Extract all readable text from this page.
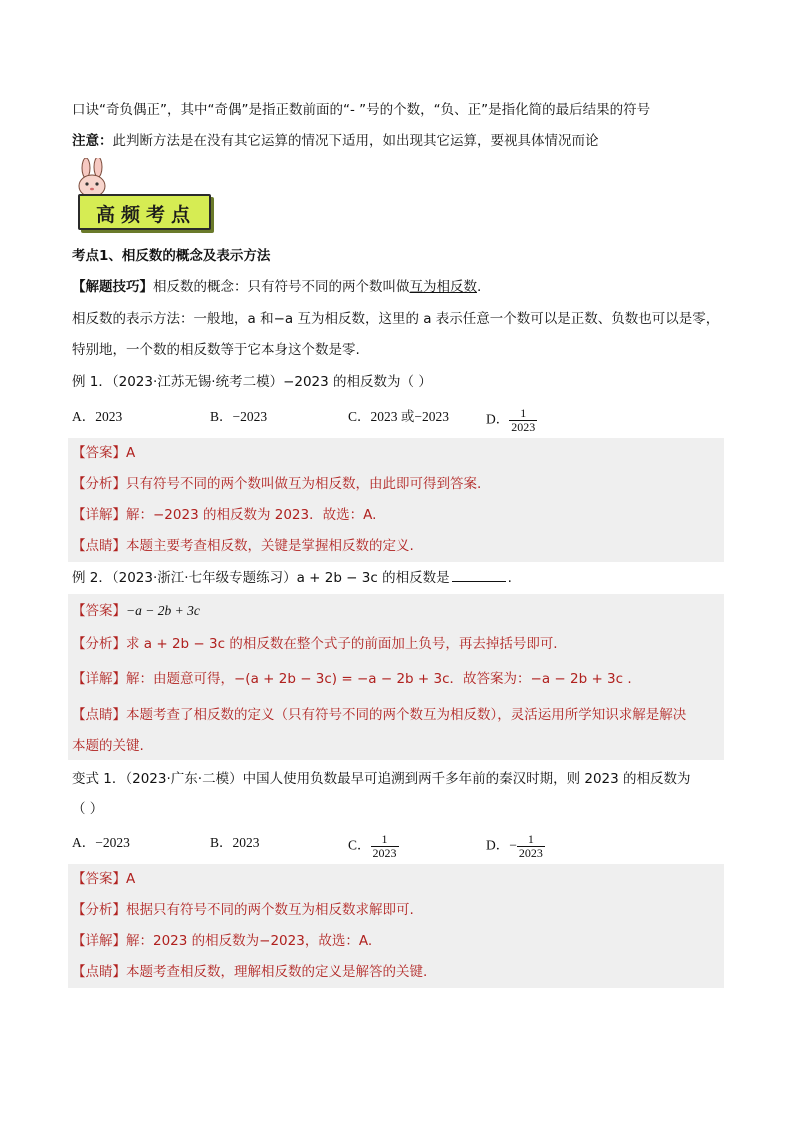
口诀“奇负偶正”，其中“奇偶”是指正数前面的“- ”号的个数，“负、正”是指化简的最后结果的符号
注意：此判断方法是在没有其它运算的情况下适用，如出现其它运算，要视具体情况而论
高频考点
考点1、相反数的概念及表示方法
【解题技巧】相反数的概念：只有符号不同的两个数叫做互为相反数.
相反数的表示方法：一般地，a 和−a 互为相反数，这里的 a 表示任意一个数可以是正数、负数也可以是零，
特别地，一个数的相反数等于它本身这个数是零.
例 1．（2023·江苏无锡·统考二模）−2023 的相反数为（ ）
A．2023	B．−2023	C．2023 或−2023	D． $\frac{1}{2023}$
【答案】A
【分析】只有符号不同的两个数叫做互为相反数，由此即可得到答案.
【详解】解：−2023 的相反数为 2023．故选：A.
【点睛】本题主要考查相反数，关键是掌握相反数的定义.
例 2．（2023·浙江·七年级专题练习）a + 2b − 3c 的相反数是	.
【答案】−a − 2b + 3c
【分析】求 a + 2b − 3c 的相反数在整个式子的前面加上负号，再去掉括号即可.
【详解】解：由题意可得，−(a + 2b − 3c) = −a − 2b + 3c．故答案为：−a − 2b + 3c .
【点睛】本题考查了相反数的定义（只有符号不同的两个数互为相反数），灵活运用所学知识求解是解决
本题的关键.
变式 1．（2023·广东·二模）中国人使用负数最早可追溯到两千多年前的秦汉时期，则 2023 的相反数为
（ ）
A．−2023	B．2023	C． $\frac{1}{2023}$	D．− $\frac{1}{2023}$
【答案】A
【分析】根据只有符号不同的两个数互为相反数求解即可.
【详解】解：2023 的相反数为−2023，故选：A.
【点睛】本题考查相反数，理解相反数的定义是解答的关键.
